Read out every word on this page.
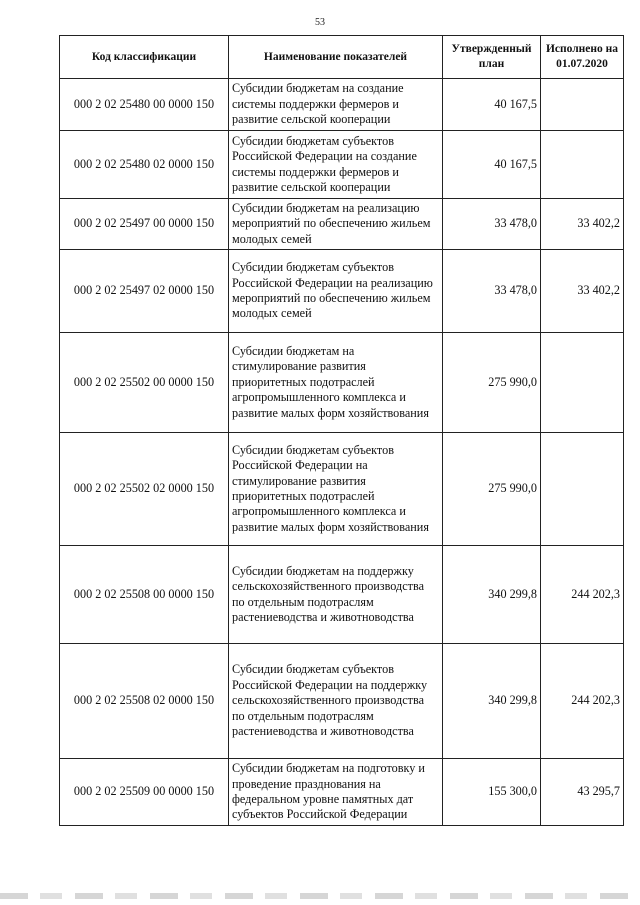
53
Код классификации	Наименование показателей	Утвержденный план	Исполнено на 01.07.2020
000 2 02 25480 00 0000 150	Субсидии бюджетам на создание системы поддержки фермеров и развитие сельской кооперации	40 167,5	
000 2 02 25480 02 0000 150	Субсидии бюджетам субъектов Российской Федерации на создание системы поддержки фермеров и развитие сельской кооперации	40 167,5	
000 2 02 25497 00 0000 150	Субсидии бюджетам на реализацию мероприятий по обеспечению жильем молодых семей	33 478,0	33 402,2
000 2 02 25497 02 0000 150	Субсидии бюджетам субъектов Российской Федерации на реализацию мероприятий по обеспечению жильем молодых семей	33 478,0	33 402,2
000 2 02 25502 00 0000 150	Субсидии бюджетам на стимулирование развития приоритетных подотраслей агропромышленного комплекса и развитие малых форм хозяйствования	275 990,0	
000 2 02 25502 02 0000 150	Субсидии бюджетам субъектов Российской Федерации на стимулирование развития приоритетных подотраслей агропромышленного комплекса и развитие малых форм хозяйствования	275 990,0	
000 2 02 25508 00 0000 150	Субсидии бюджетам на поддержку сельскохозяйственного производства по отдельным подотраслям растениеводства и животноводства	340 299,8	244 202,3
000 2 02 25508 02 0000 150	Субсидии бюджетам субъектов Российской Федерации на поддержку сельскохозяйственного производства по отдельным подотраслям растениеводства и животноводства	340 299,8	244 202,3
000 2 02 25509 00 0000 150	Субсидии бюджетам на подготовку и проведение празднования на федеральном уровне памятных дат субъектов Российской Федерации	155 300,0	43 295,7
